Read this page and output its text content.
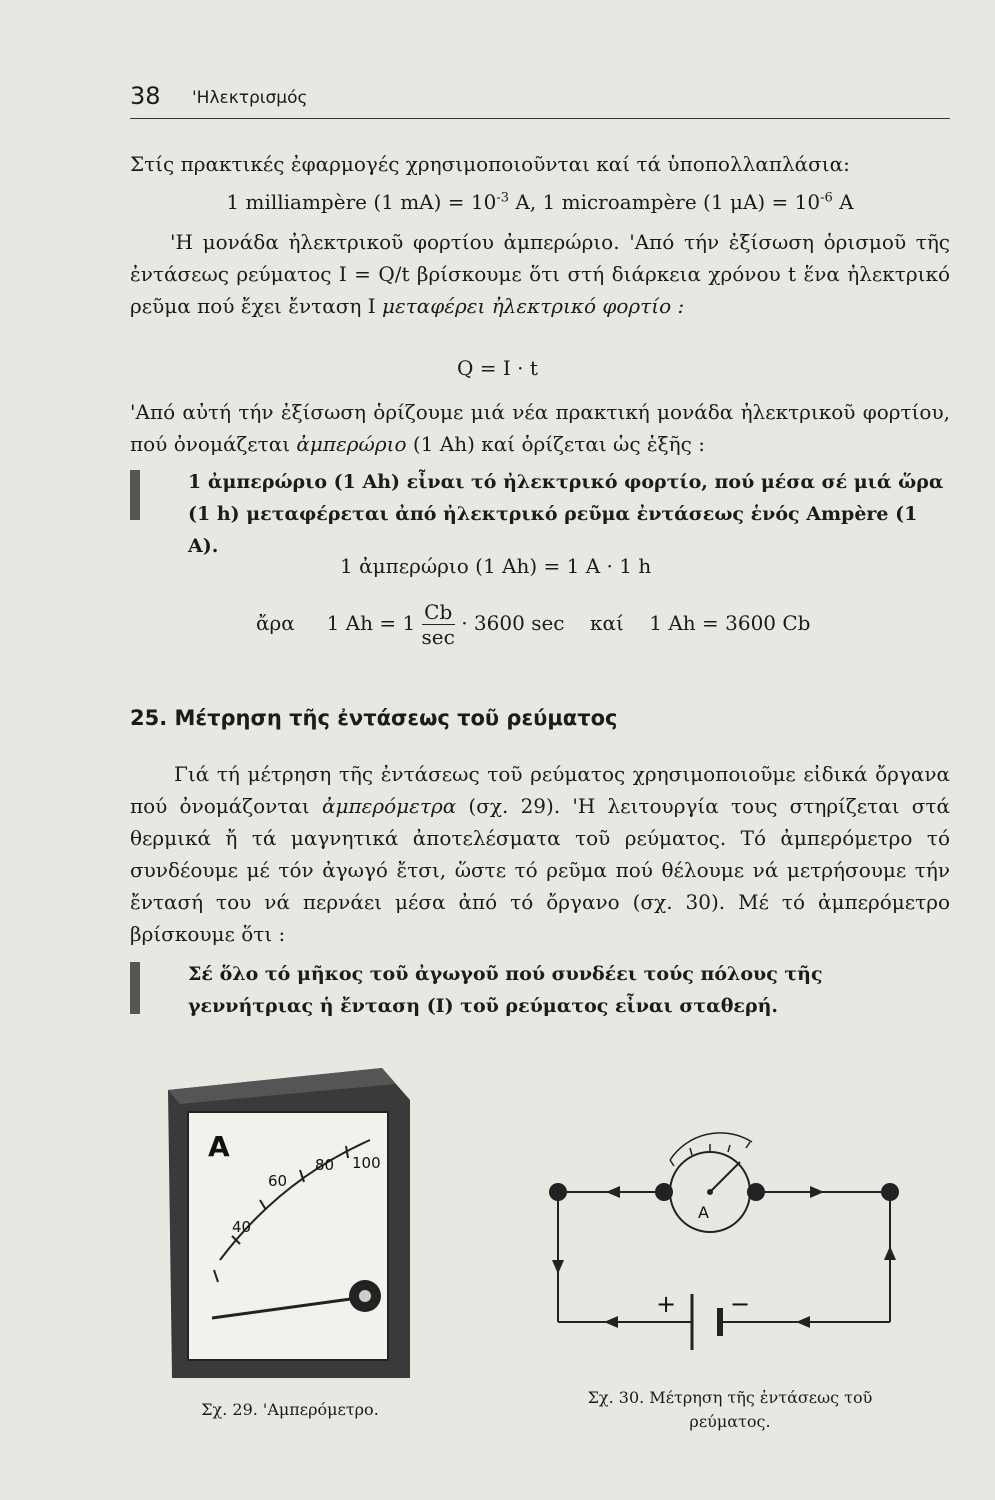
38 'Ηλεκτρισμός
Στίς πρακτικές ἐφαρμογές χρησιμοποιοῦνται καί τά ὑποπολλαπλάσια:
1 milliampère (1 $mA) = 10^{-3}$ A, 1 microampère (1 $\mu A) = 10^{-6}$ A
'Η μονάδα ἠλεκτρικοῦ φορτίου ἀμπερώριο. 'Από τήν ἐξίσωση ὁρισμοῦ τῆς ἐντάσεως ρεύματος I = Q/t βρίσκουμε ὅτι στή διάρκεια χρόνου t ἕνα ἠλεκτρικό ρεῦμα πού ἔχει ἔνταση I μεταφέρει ἠλεκτρικό φορτίο :
Q = I · t
'Από αὐτή τήν ἐξίσωση ὁρίζουμε μιά νέα πρακτική μονάδα ἠλεκτρικοῦ φορτίου, πού ὀνομάζεται ἀμπερώριο (1 Ah) καί ὁρίζεται ὡς ἑξῆς :
1 ἀμπερώριο (1 Ah) εἶναι τό ἠλεκτρικό φορτίο, πού μέσα σέ μιά ὥρα (1 h) μεταφέρεται ἀπό ἠλεκτρικό ρεῦμα ἐντάσεως ἑνός Ampère (1 A).
1 ἀμπερώριο (1 Ah) = 1 A · 1 h
ἄρα 1 $Ah = 1 \frac{Cb}{\sec} \cdot 3600$ sec καί 1 Ah = 3600 Cb
25. Μέτρηση τῆς ἐντάσεως τοῦ ρεύματος
Γιά τή μέτρηση τῆς ἐντάσεως τοῦ ρεύματος χρησιμοποιοῦμε εἰδικά ὄργανα πού ὀνομάζονται ἀμπερόμετρα (σχ. 29). 'Η λειτουργία τους στηρίζεται στά θερμικά ἤ τά μαγνητικά ἀποτελέσματα τοῦ ρεύματος. Τό ἀμπερόμετρο τό συνδέουμε μέ τόν ἀγωγό ἔτσι, ὥστε τό ρεῦμα πού θέλουμε νά μετρήσουμε τήν ἔντασή του νά περνάει μέσα ἀπό τό ὄργανο (σχ. 30). Μέ τό ἀμπερόμετρο βρίσκουμε ὅτι :
Σέ ὅλο τό μῆκος τοῦ ἀγωγοῦ πού συνδέει τούς πόλους τῆς γεννήτριας ἡ ἔνταση (I) τοῦ ρεύματος εἶναι σταθερή.
A	100
80
60
40
Σχ. 29. 'Αμπερόμετρο.
A
+ −
Σχ. 30. Μέτρηση τῆς ἐντάσεως τοῦ ρεύματος.
